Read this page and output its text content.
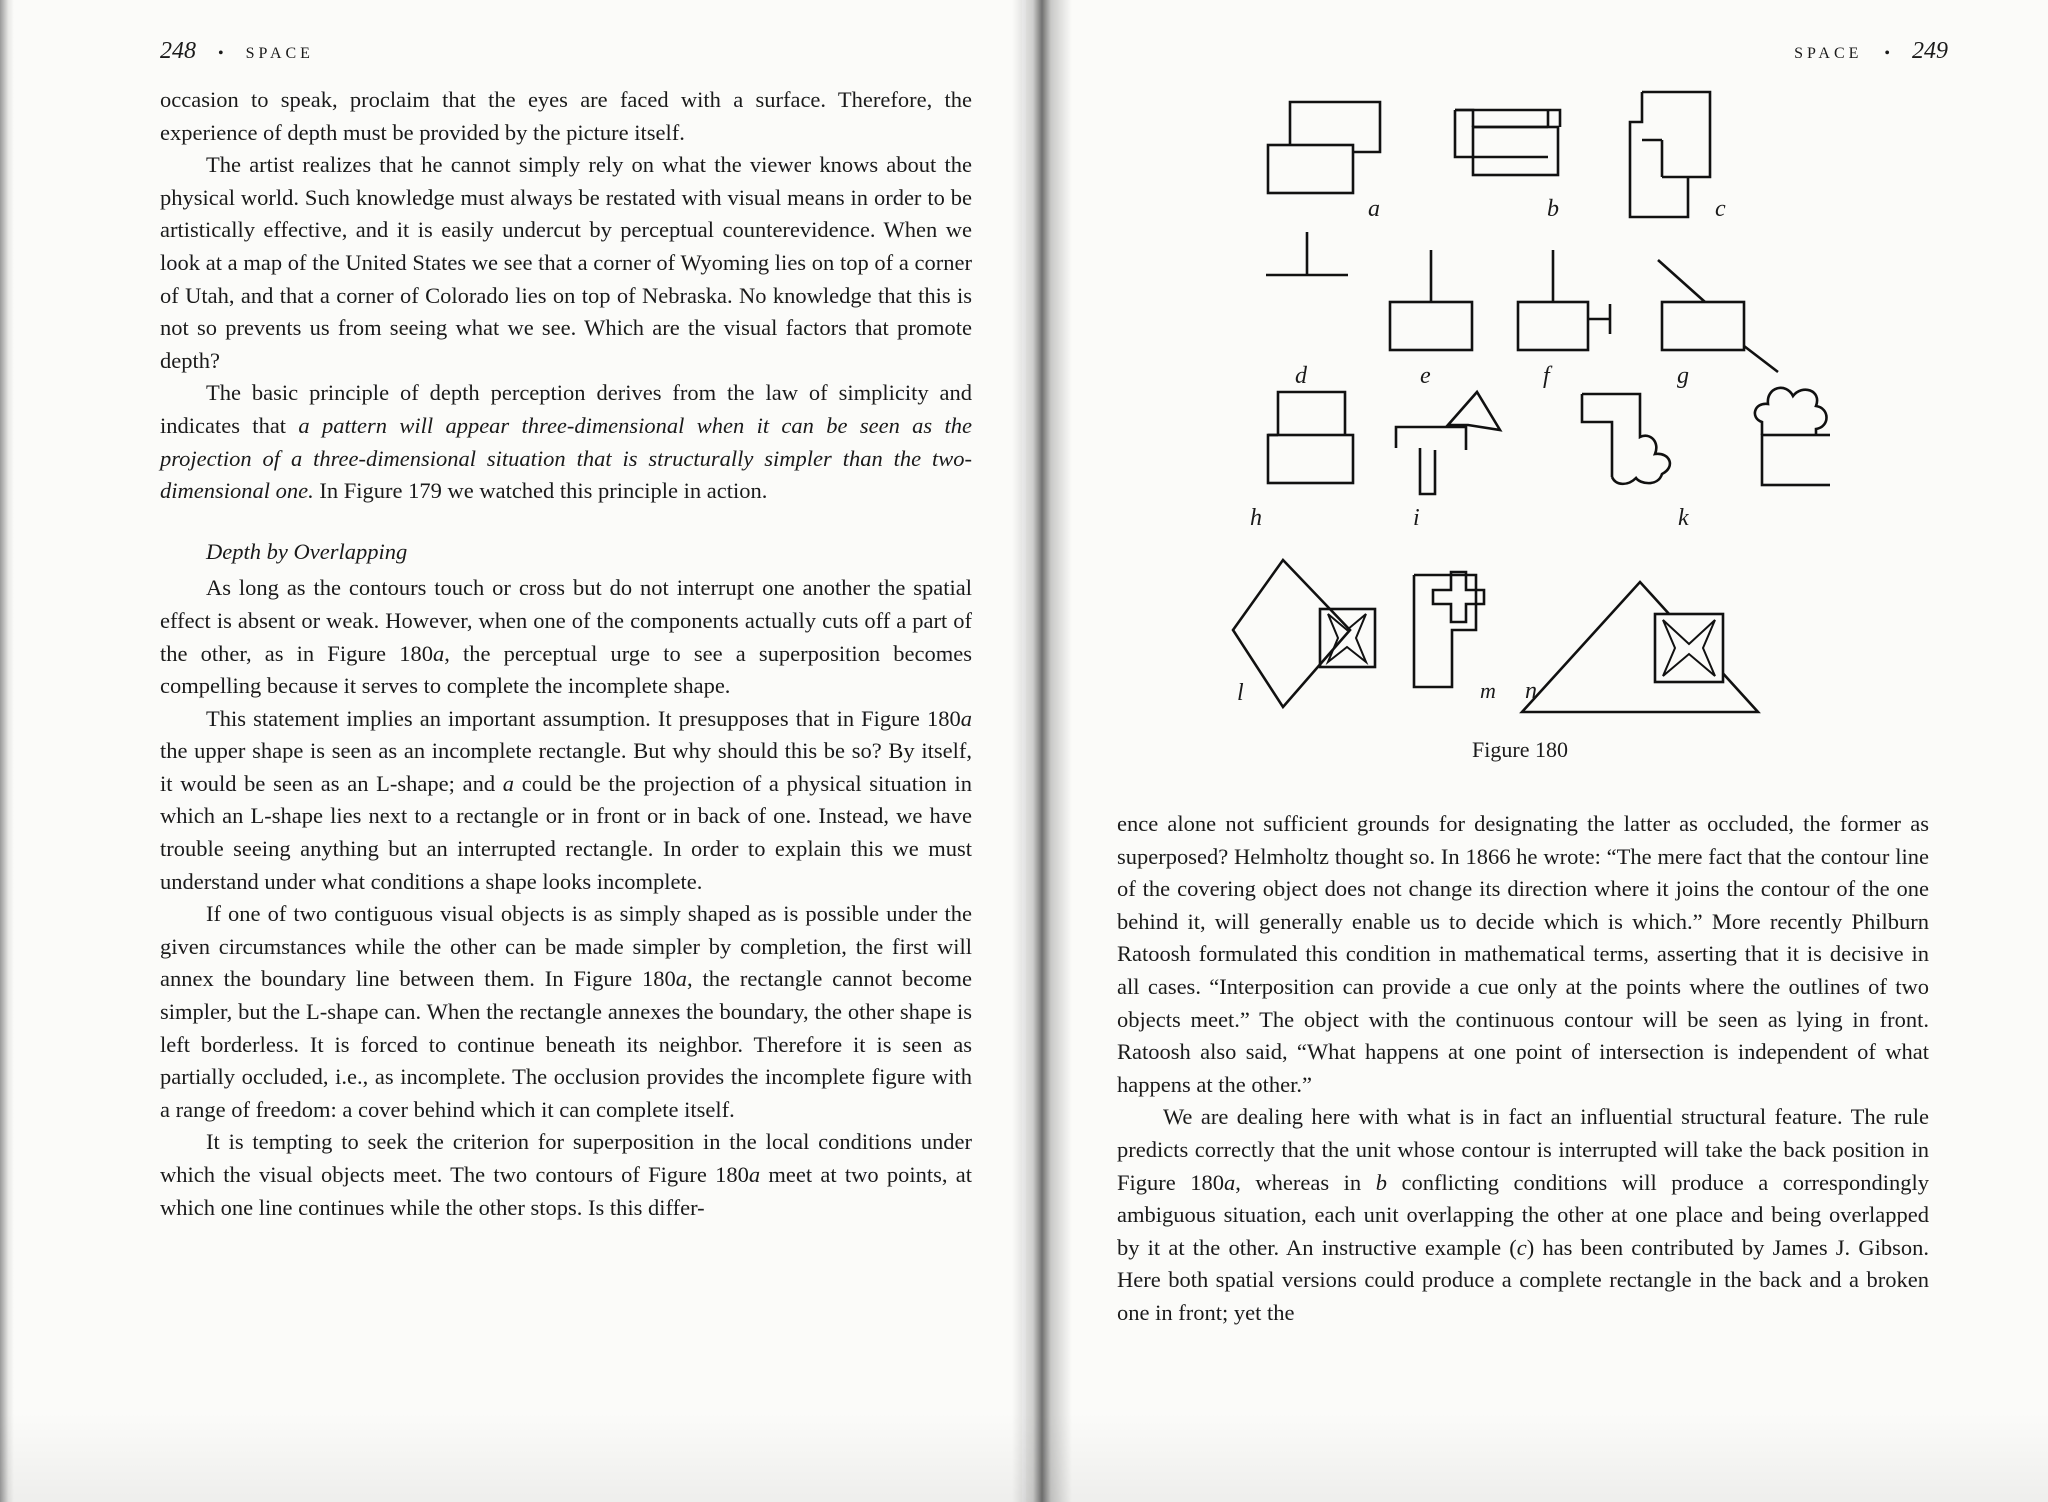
248 • SPACE	SPACE • 249

occasion to speak, proclaim that the eyes are faced with a surface. Therefore, the experience of depth must be provided by the picture itself.

The artist realizes that he cannot simply rely on what the viewer knows about the physical world. Such knowledge must always be restated with visual means in order to be artistically effective, and it is easily undercut by perceptual counterevidence. When we look at a map of the United States we see that a corner of Wyoming lies on top of a corner of Utah, and that a corner of Colorado lies on top of Nebraska. No knowledge that this is not so prevents us from seeing what we see. Which are the visual factors that promote depth?

The basic principle of depth perception derives from the law of simplicity and indicates that a pattern will appear three-dimensional when it can be seen as the projection of a three-dimensional situation that is structurally simpler than the two-dimensional one. In Figure 179 we watched this principle in action.

Depth by Overlapping

As long as the contours touch or cross but do not interrupt one another the spatial effect is absent or weak. However, when one of the components actually cuts off a part of the other, as in Figure 180a, the perceptual urge to see a superposition becomes compelling because it serves to complete the incomplete shape.

This statement implies an important assumption. It presupposes that in Figure 180a the upper shape is seen as an incomplete rectangle. But why should this be so? By itself, it would be seen as an L-shape; and a could be the projection of a physical situation in which an L-shape lies next to a rectangle or in front or in back of one. Instead, we have trouble seeing anything but an interrupted rectangle. In order to explain this we must understand under what conditions a shape looks incomplete.

If one of two contiguous visual objects is as simply shaped as is possible under the given circumstances while the other can be made simpler by completion, the first will annex the boundary line between them. In Figure 180a, the rectangle cannot become simpler, but the L-shape can. When the rectangle annexes the boundary, the other shape is left borderless. It is forced to continue beneath its neighbor. Therefore it is seen as partially occluded, i.e., as incomplete. The occlusion provides the incomplete figure with a range of freedom: a cover behind which it can complete itself.

It is tempting to seek the criterion for superposition in the local conditions under which the visual objects meet. The two contours of Figure 180a meet at two points, at which one line continues while the other stops. Is this differ-

a	b	c
d	e	f	g
h	i	k
l	m n
Figure 180

ence alone not sufficient grounds for designating the latter as occluded, the former as superposed? Helmholtz thought so. In 1866 he wrote: “The mere fact that the contour line of the covering object does not change its direction where it joins the contour of the one behind it, will generally enable us to decide which is which.” More recently Philburn Ratoosh formulated this condition in mathematical terms, asserting that it is decisive in all cases. “Interposition can provide a cue only at the points where the outlines of two objects meet.” The object with the continuous contour will be seen as lying in front. Ratoosh also said, “What happens at one point of intersection is independent of what happens at the other.”

We are dealing here with what is in fact an influential structural feature. The rule predicts correctly that the unit whose contour is interrupted will take the back position in Figure 180a, whereas in b conflicting conditions will produce a correspondingly ambiguous situation, each unit overlapping the other at one place and being overlapped by it at the other. An instructive example (c) has been contributed by James J. Gibson. Here both spatial versions could produce a complete rectangle in the back and a broken one in front; yet the
